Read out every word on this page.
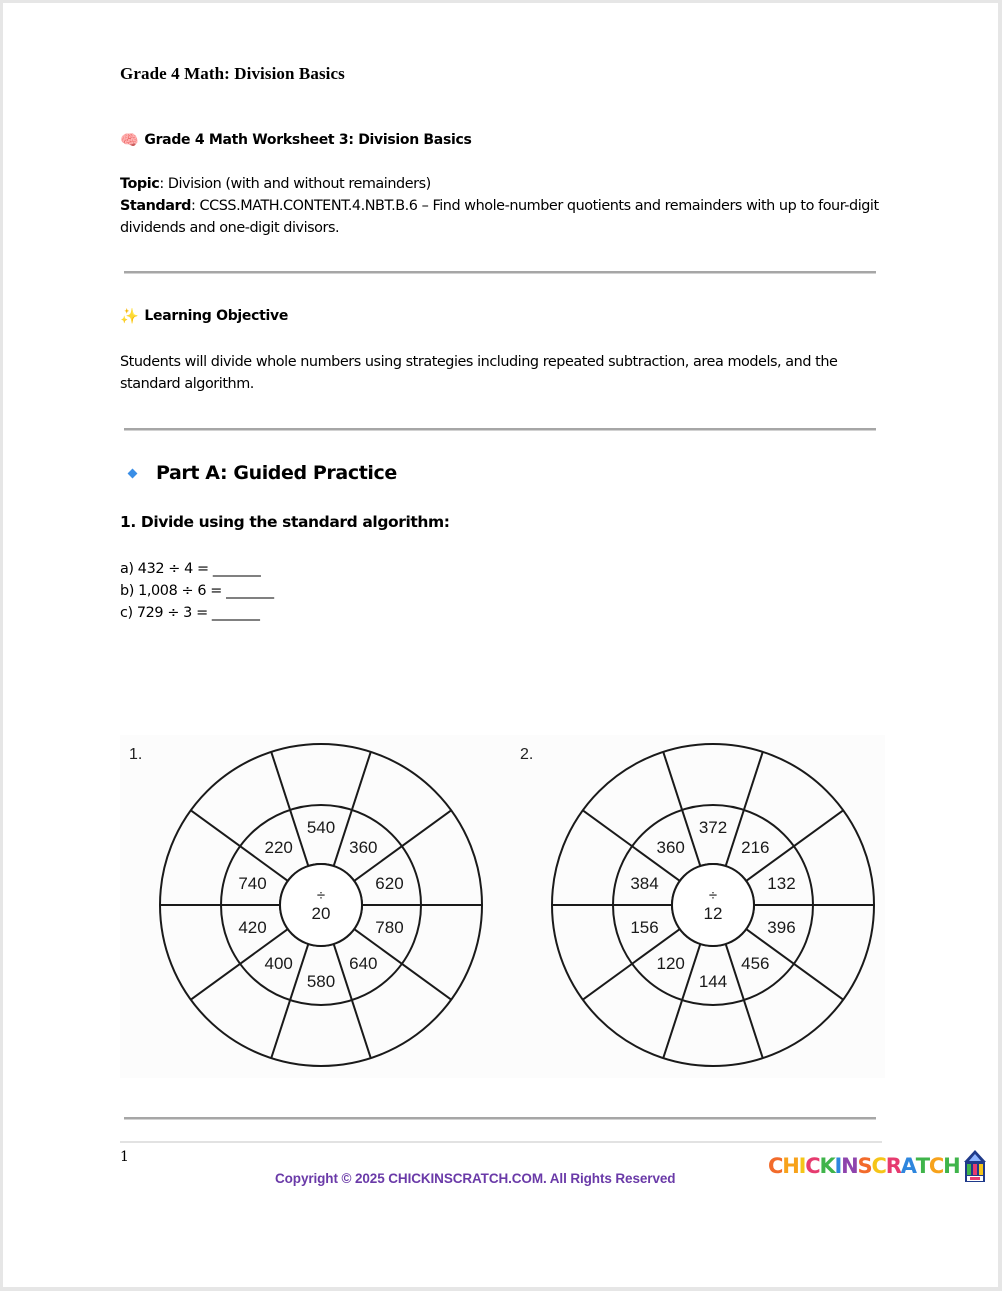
Grade 4 Math: Division Basics
🧠 Grade 4 Math Worksheet 3: Division Basics
Topic: Division (with and without remainders)
Standard: CCSS.MATH.CONTENT.4.NBT.B.6 – Find whole-number quotients and remainders with up to four-digit dividends and one-digit divisors.
✨ Learning Objective
Students will divide whole numbers using strategies including repeated subtraction, area models, and the standard algorithm.
Part A: Guided Practice
1. Divide using the standard algorithm:
a) 432 ÷ 4 = _______
b) 1,008 ÷ 6 = _______
c) 729 ÷ 3 = _______
1.	2.
540
360
620
780
640
580
400
420
740
220
÷
20
372
216
132
396
456
144
120
156
384
360
÷
12
1
Copyright © 2025 CHICKINSCRATCH.COM. All Rights Reserved
CHICKINSCRATCH
